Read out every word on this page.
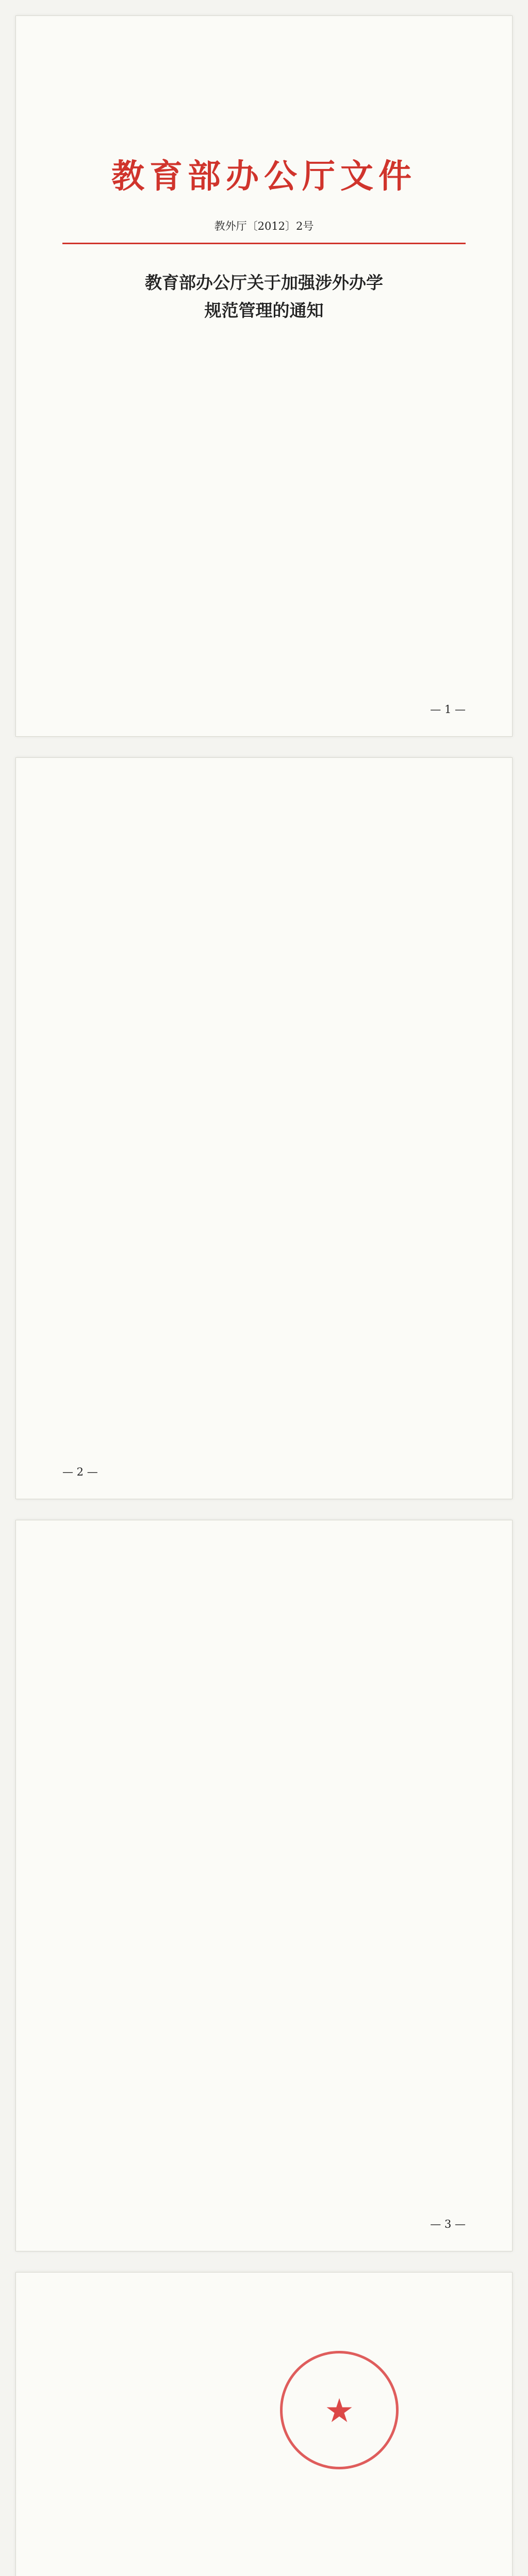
教育部办公厅文件
教外厅〔2012〕2号
教育部办公厅关于加强涉外办学
规范管理的通知

— 1 —

— 2 —

— 3 —

★
